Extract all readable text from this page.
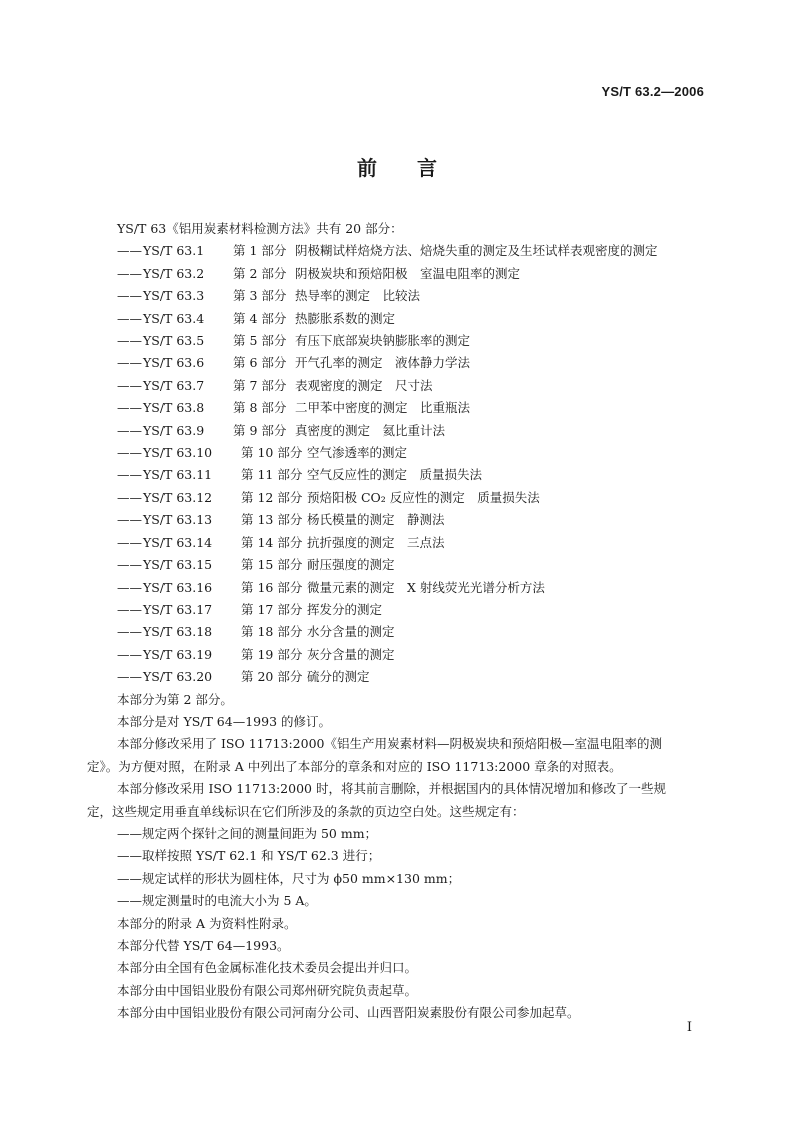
YS/T 63.2—2006
前言

YS/T 63《铝用炭素材料检测方法》共有 20 部分：

——YS/T 63.1 第 1 部分 阴极糊试样焙烧方法、焙烧失重的测定及生坯试样表观密度的测定

——YS/T 63.2 第 2 部分 阴极炭块和预焙阳极　室温电阻率的测定

——YS/T 63.3 第 3 部分 热导率的测定　比较法

——YS/T 63.4 第 4 部分 热膨胀系数的测定

——YS/T 63.5 第 5 部分 有压下底部炭块钠膨胀率的测定

——YS/T 63.6 第 6 部分 开气孔率的测定　液体静力学法

——YS/T 63.7 第 7 部分 表观密度的测定　尺寸法

——YS/T 63.8 第 8 部分 二甲苯中密度的测定　比重瓶法

——YS/T 63.9 第 9 部分 真密度的测定　氦比重计法

——YS/T 63.10 第 10 部分 空气渗透率的测定

——YS/T 63.11 第 11 部分 空气反应性的测定　质量损失法

——YS/T 63.12 第 12 部分 预焙阳极 CO₂ 反应性的测定　质量损失法

——YS/T 63.13 第 13 部分 杨氏模量的测定　静测法

——YS/T 63.14 第 14 部分 抗折强度的测定　三点法

——YS/T 63.15 第 15 部分 耐压强度的测定

——YS/T 63.16 第 16 部分 微量元素的测定　X 射线荧光光谱分析方法

——YS/T 63.17 第 17 部分 挥发分的测定

——YS/T 63.18 第 18 部分 水分含量的测定

——YS/T 63.19 第 19 部分 灰分含量的测定

——YS/T 63.20 第 20 部分 硫分的测定

本部分为第 2 部分。

本部分是对 YS/T 64—1993 的修订。

本部分修改采用了 ISO 11713:2000《铝生产用炭素材料—阴极炭块和预焙阳极—室温电阻率的测

定》。为方便对照，在附录 A 中列出了本部分的章条和对应的 ISO 11713:2000 章条的对照表。

本部分修改采用 ISO 11713:2000 时，将其前言删除，并根据国内的具体情况增加和修改了一些规

定，这些规定用垂直单线标识在它们所涉及的条款的页边空白处。这些规定有：

——规定两个探针之间的测量间距为 50 mm；

——取样按照 YS/T 62.1 和 YS/T 62.3 进行；

——规定试样的形状为圆柱体，尺寸为 ϕ50 mm×130 mm；

——规定测量时的电流大小为 5 A。

本部分的附录 A 为资料性附录。

本部分代替 YS/T 64—1993。

本部分由全国有色金属标准化技术委员会提出并归口。

本部分由中国铝业股份有限公司郑州研究院负责起草。

本部分由中国铝业股份有限公司河南分公司、山西晋阳炭素股份有限公司参加起草。

I
